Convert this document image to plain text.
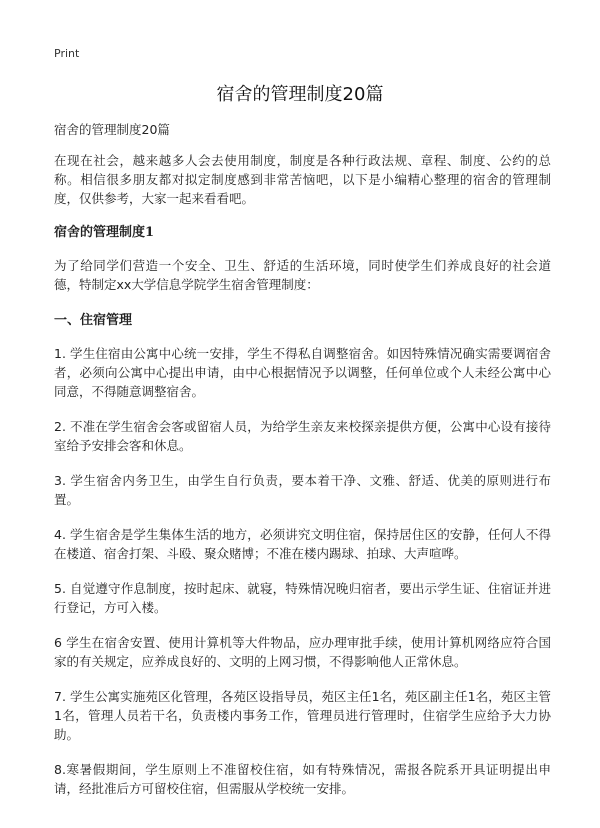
Print
宿舍的管理制度20篇

宿舍的管理制度20篇

在现在社会，越来越多人会去使用制度，制度是各种行政法规、章程、制度、公约的总称。相信很多朋友都对拟定制度感到非常苦恼吧，以下是小编精心整理的宿舍的管理制度，仅供参考，大家一起来看看吧。

宿舍的管理制度1

为了给同学们营造一个安全、卫生、舒适的生活环境，同时使学生们养成良好的社会道德，特制定xx大学信息学院学生宿舍管理制度：

一、住宿管理

1. 学生住宿由公寓中心统一安排，学生不得私自调整宿舍。如因特殊情况确实需要调宿舍者，必须向公寓中心提出申请，由中心根据情况予以调整，任何单位或个人未经公寓中心同意，不得随意调整宿舍。

2. 不准在学生宿舍会客或留宿人员，为给学生亲友来校探亲提供方便，公寓中心设有接待室给予安排会客和休息。

3. 学生宿舍内务卫生，由学生自行负责，要本着干净、文雅、舒适、优美的原则进行布置。

4. 学生宿舍是学生集体生活的地方，必须讲究文明住宿，保持居住区的安静，任何人不得在楼道、宿舍打架、斗殴、聚众赌博；不准在楼内踢球、拍球、大声喧哗。

5. 自觉遵守作息制度，按时起床、就寝，特殊情况晚归宿者，要出示学生证、住宿证并进行登记，方可入楼。

6 学生在宿舍安置、使用计算机等大件物品，应办理审批手续，使用计算机网络应符合国家的有关规定，应养成良好的、文明的上网习惯，不得影响他人正常休息。

7. 学生公寓实施苑区化管理，各苑区设指导员，苑区主任1名，苑区副主任1名，苑区主管1名，管理人员若干名，负责楼内事务工作，管理员进行管理时，住宿学生应给予大力协助。

8.寒暑假期间，学生原则上不准留校住宿，如有特殊情况，需报各院系开具证明提出申请，经批准后方可留校住宿，但需服从学校统一安排。
